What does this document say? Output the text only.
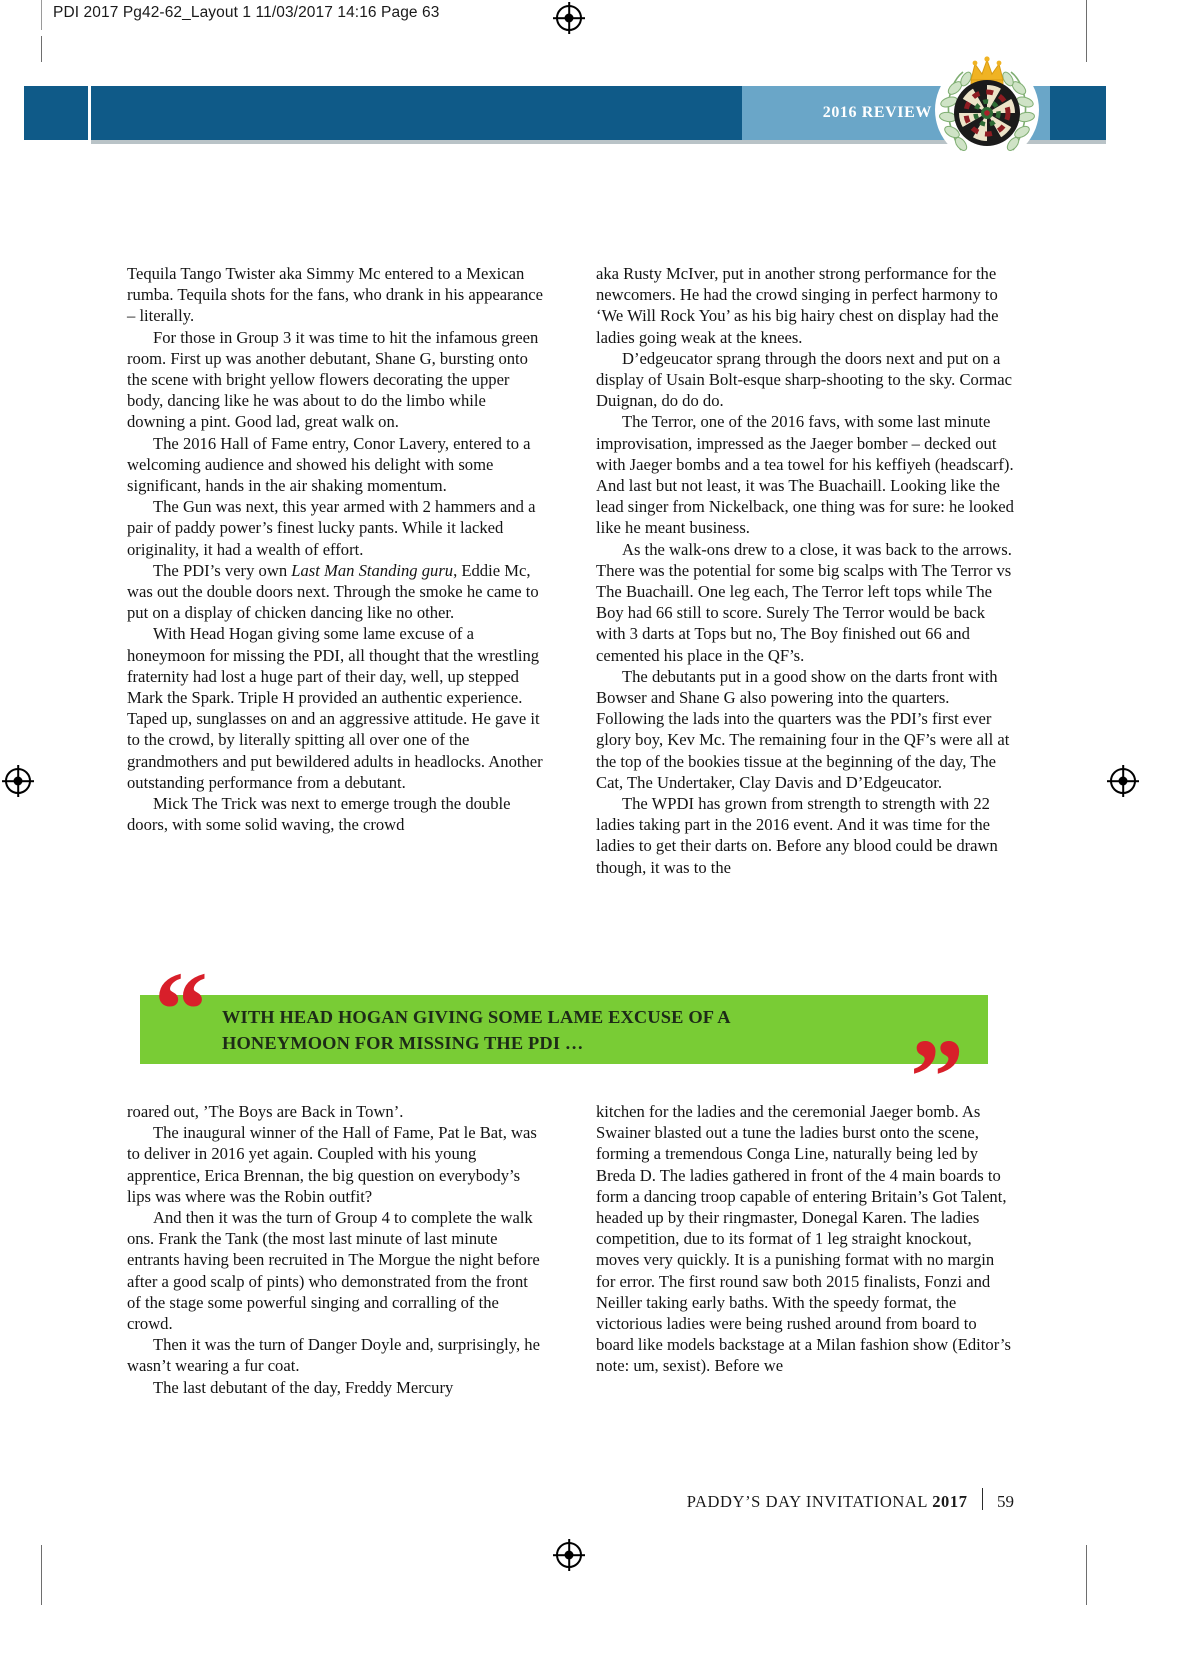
PDI 2017 Pg42-62_Layout 1 11/03/2017 14:16 Page 63
2016 REVIEW

Tequila Tango Twister aka Simmy Mc entered to a Mexican rumba. Tequila shots for the fans, who drank in his appearance – literally.

For those in Group 3 it was time to hit the infamous green room. First up was another debutant, Shane G, bursting onto the scene with bright yellow flowers decorating the upper body, dancing like he was about to do the limbo while downing a pint. Good lad, great walk on.

The 2016 Hall of Fame entry, Conor Lavery, entered to a welcoming audience and showed his delight with some significant, hands in the air shaking momentum.

The Gun was next, this year armed with 2 hammers and a pair of paddy power’s finest lucky pants. While it lacked originality, it had a wealth of effort.

The PDI’s very own Last Man Standing guru, Eddie Mc, was out the double doors next. Through the smoke he came to put on a display of chicken dancing like no other.

With Head Hogan giving some lame excuse of a honeymoon for missing the PDI, all thought that the wrestling fraternity had lost a huge part of their day, well, up stepped Mark the Spark. Triple H provided an authentic experience. Taped up, sunglasses on and an aggressive attitude. He gave it to the crowd, by literally spitting all over one of the grandmothers and put bewildered adults in headlocks. Another outstanding performance from a debutant.

Mick The Trick was next to emerge trough the double doors, with some solid waving, the crowd

aka Rusty McIver, put in another strong performance for the newcomers. He had the crowd singing in perfect harmony to ‘We Will Rock You’ as his big hairy chest on display had the ladies going weak at the knees.

D’edgeucator sprang through the doors next and put on a display of Usain Bolt-esque sharp-shooting to the sky. Cormac Duignan, do do do.

The Terror, one of the 2016 favs, with some last minute improvisation, impressed as the Jaeger bomber – decked out with Jaeger bombs and a tea towel for his keffiyeh (headscarf). And last but not least, it was The Buachaill. Looking like the lead singer from Nickelback, one thing was for sure: he looked like he meant business.

As the walk-ons drew to a close, it was back to the arrows. There was the potential for some big scalps with The Terror vs The Buachaill. One leg each, The Terror left tops while The Boy had 66 still to score. Surely The Terror would be back with 3 darts at Tops but no, The Boy finished out 66 and cemented his place in the QF’s.

The debutants put in a good show on the darts front with Bowser and Shane G also powering into the quarters. Following the lads into the quarters was the PDI’s first ever glory boy, Kev Mc. The remaining four in the QF’s were all at the top of the bookies tissue at the beginning of the day, The Cat, The Undertaker, Clay Davis and D’Edgeucator.

The WPDI has grown from strength to strength with 22 ladies taking part in the 2016 event. And it was time for the ladies to get their darts on. Before any blood could be drawn though, it was to the

“ WITH HEAD HOGAN GIVING SOME LAME EXCUSE OF A
HONEYMOON FOR MISSING THE PDI …	”

roared out, ’The Boys are Back in Town’.

The inaugural winner of the Hall of Fame, Pat le Bat, was to deliver in 2016 yet again. Coupled with his young apprentice, Erica Brennan, the big question on everybody’s lips was where was the Robin outfit?

And then it was the turn of Group 4 to complete the walk ons. Frank the Tank (the most last minute of last minute entrants having been recruited in The Morgue the night before after a good scalp of pints) who demonstrated from the front of the stage some powerful singing and corralling of the crowd.

Then it was the turn of Danger Doyle and, surprisingly, he wasn’t wearing a fur coat.

The last debutant of the day, Freddy Mercury

kitchen for the ladies and the ceremonial Jaeger bomb. As Swainer blasted out a tune the ladies burst onto the scene, forming a tremendous Conga Line, naturally being led by Breda D. The ladies gathered in front of the 4 main boards to form a dancing troop capable of entering Britain’s Got Talent, headed up by their ringmaster, Donegal Karen. The ladies competition, due to its format of 1 leg straight knockout, moves very quickly. It is a punishing format with no margin for error. The first round saw both 2015 finalists, Fonzi and Neiller taking early baths. With the speedy format, the victorious ladies were being rushed around from board to board like models backstage at a Milan fashion show (Editor’s note: um, sexist). Before we

PADDY’S DAY INVITATIONAL 2017 59
